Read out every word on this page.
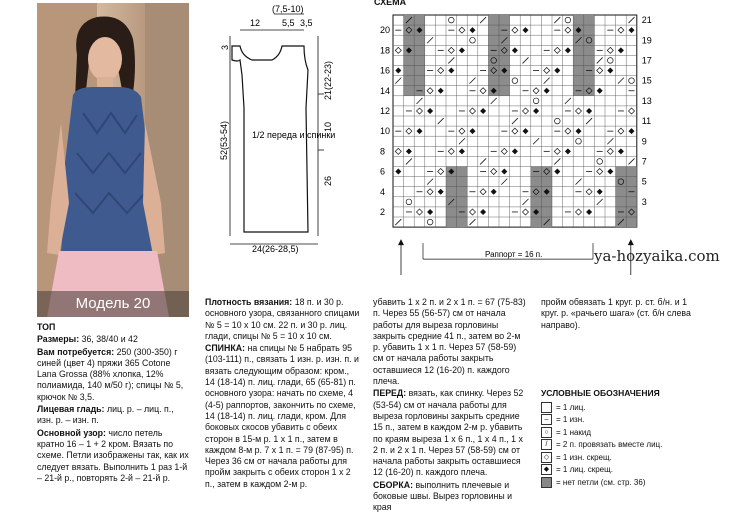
Модель 20
(7,5-10)
12 5,5 3,5
3
52(53-54)
21(22-23)
10
26
24(26-28,5)
1/2 переда и спинки
СХЕМА
20
18
16
14
12
10
8
6
4
2
21
19
17
15
13
11
9
7
5
3
Раппорт = 16 п.	ya-hozyaika.com

ТОП

Размеры: 36, 38/40 и 42

Вам потребуется: 250 (300-350) г синей (цвет 4) пряжи 365 Cotone Lana Grossa (88% хлопка, 12% полиамида, 140 м/50 г); спицы № 5, крючок № 3,5.

Лицевая гладь: лиц. р. – лиц. п., изн. р. – изн. п.

Основной узор: число петель кратно 16 – 1 + 2 кром. Вязать по схеме. Петли изображены так, как их следует вязать. Выполнить 1 раз 1-й – 21-й р., повторять 2-й – 21-й р.

Плотность вязания: 18 п. и 30 р. основного узора, связанного спицами № 5 = 10 x 10 см. 22 п. и 30 р. лиц. глади, спицы № 5 = 10 x 10 см.

СПИНКА: на спицы № 5 набрать 95 (103-111) п., связать 1 изн. р. изн. п. и вязать следующим образом: кром., 14 (18-14) п. лиц. глади, 65 (65-81) п. основного узора: начать по схеме, 4 (4-5) раппортов, закончить по схеме, 14 (18-14) п. лиц. глади, кром. Для боковых скосов убавить с обеих сторон в 15-м р. 1 x 1 п., затем в каждом 8-м р. 7 x 1 п. = 79 (87-95) п. Через 36 см от начала работы для пройм закрыть с обеих сторон 1 x 2 п., затем в каждом 2-м р.

убавить 1 x 2 п. и 2 x 1 п. = 67 (75-83) п. Через 55 (56-57) см от начала работы для выреза горловины закрыть средние 41 п., затем во 2-м р. убавить 1 x 1 п. Через 57 (58-59) см от начала работы закрыть оставшиеся 12 (16-20) п. каждого плеча.

ПЕРЕД: вязать, как спинку. Через 52 (53-54) см от начала работы для выреза горловины закрыть средние 15 п., затем в каждом 2-м р. убавить по краям выреза 1 x 6 п., 1 x 4 п., 1 x 2 п. и 2 x 1 п. Через 57 (58-59) см от начала работы закрыть оставшиеся 12 (16-20) п. каждого плеча.

СБОРКА: выполнить плечевые и боковые швы. Вырез горловины и края

пройм обвязать 1 круг. р. ст. б/н. и 1 круг. р. «рачьего шага» (ст. б/н слева направо).

УСЛОВНЫЕ ОБОЗНАЧЕНИЯ
= 1 лиц.
– = 1 изн.
○ = 1 накид
/	= 2 п. провязать вместе лиц.
◇ = 1 изн. скрещ.
◆ = 1 лиц. скрещ.
= нет петли (см. стр. 36)
